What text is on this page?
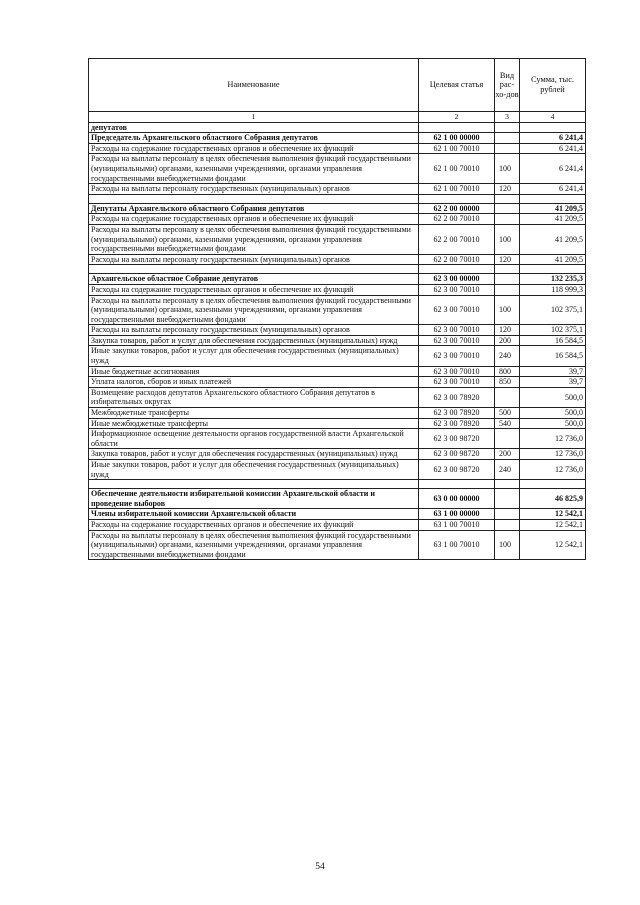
Наименование	Целевая статья	Вид рас-хо-дов	Сумма, тыс. рублей
1	2	3	4
депутатов			
Председатель Архангельского областного Собрания депутатов	62 1 00 00000		6 241,4
Расходы на содержание государственных органов и обеспечение их функций	62 1 00 70010		6 241,4
Расходы на выплаты персоналу в целях обеспечения выполнения функций государственными (муниципальными) органами, казенными учреждениями, органами управления государственными внебюджетными фондами	62 1 00 70010	100	6 241,4
Расходы на выплаты персоналу государственных (муниципальных) органов	62 1 00 70010	120	6 241,4

Депутаты Архангельского областного Собрания депутатов	62 2 00 00000		41 209,5
Расходы на содержание государственных органов и обеспечение их функций	62 2 00 70010		41 209,5
Расходы на выплаты персоналу в целях обеспечения выполнения функций государственными (муниципальными) органами, казенными учреждениями, органами управления государственными внебюджетными фондами	62 2 00 70010	100	41 209,5
Расходы на выплаты персоналу государственных (муниципальных) органов	62 2 00 70010	120	41 209,5

Архангельское областное Собрание депутатов	62 3 00 00000		132 235,3
Расходы на содержание государственных органов и обеспечение их функций	62 3 00 70010		118 999,3
Расходы на выплаты персоналу в целях обеспечения выполнения функций государственными (муниципальными) органами, казенными учреждениями, органами управления государственными внебюджетными фондами	62 3 00 70010	100	102 375,1
Расходы на выплаты персоналу государственных (муниципальных) органов	62 3 00 70010	120	102 375,1
Закупка товаров, работ и услуг для обеспечения государственных (муниципальных) нужд	62 3 00 70010	200	16 584,5
Иные закупки товаров, работ и услуг для обеспечения государственных (муниципальных) нужд	62 3 00 70010	240	16 584,5
Иные бюджетные ассигнования	62 3 00 70010	800	39,7
Уплата налогов, сборов и иных платежей	62 3 00 70010	850	39,7
Возмещение расходов депутатов Архангельского областного Собрания депутатов в избирательных округах	62 3 00 78920		500,0
Межбюджетные трансферты	62 3 00 78920	500	500,0
Иные межбюджетные трансферты	62 3 00 78920	540	500,0
Информационное освещение деятельности органов государственной власти Архангельской области	62 3 00 98720		12 736,0
Закупка товаров, работ и услуг для обеспечения государственных (муниципальных) нужд	62 3 00 98720	200	12 736,0
Иные закупки товаров, работ и услуг для обеспечения государственных (муниципальных) нужд	62 3 00 98720	240	12 736,0

Обеспечение деятельности избирательной комиссии Архангельской области и проведение выборов	63 0 00 00000		46 825,9
Члены избирательной комиссии Архангельской области	63 1 00 00000		12 542,1
Расходы на содержание государственных органов и обеспечение их функций	63 1 00 70010		12 542,1
Расходы на выплаты персоналу в целях обеспечения выполнения функций государственными (муниципальными) органами, казенными учреждениями, органами управления государственными внебюджетными фондами	63 1 00 70010	100	12 542,1
54
